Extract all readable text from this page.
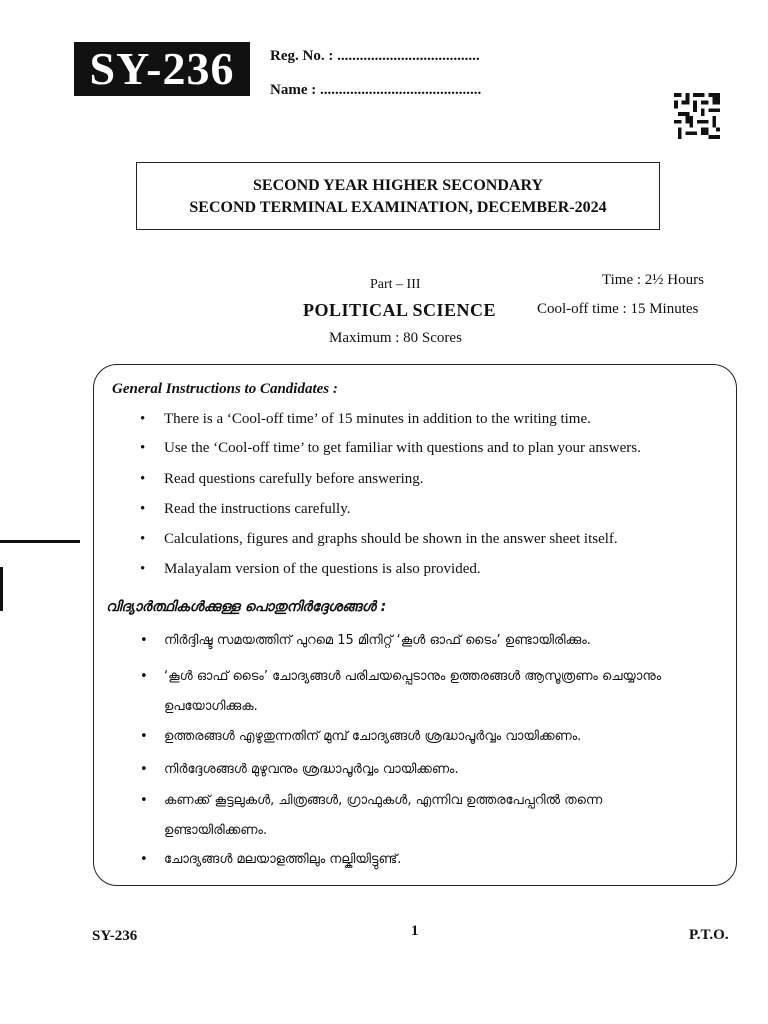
SY-236	Reg. No. : ......................................
Name : ...........................................
SECOND YEAR HIGHER SECONDARY
SECOND TERMINAL EXAMINATION, DECEMBER-2024
Part – III	Time : 2½ Hours
POLITICAL SCIENCE	Cool-off time : 15 Minutes
Maximum : 80 Scores
General Instructions to Candidates :
• There is a ‘Cool-off time’ of 15 minutes in addition to the writing time.
• Use the ‘Cool-off time’ to get familiar with questions and to plan your answers.
• Read questions carefully before answering.
• Read the instructions carefully.
• Calculations, figures and graphs should be shown in the answer sheet itself.
• Malayalam version of the questions is also provided.
വിദ്യാർത്ഥികൾക്കുള്ള പൊതുനിർദ്ദേശങ്ങൾ :
• നിർദ്ദിഷ്ട സമയത്തിന് പുറമെ 15 മിനിറ്റ് ‘കൂൾ ഓഫ് ടൈം’ ഉണ്ടായിരിക്കും.
• ‘കൂൾ ഓഫ് ടൈം’ ചോദ്യങ്ങൾ പരിചയപ്പെടാനും ഉത്തരങ്ങൾ ആസൂത്രണം ചെയ്യാനും ഉപയോഗിക്കുക.
• ഉത്തരങ്ങൾ എഴുതുന്നതിന് മുമ്പ് ചോദ്യങ്ങൾ ശ്രദ്ധാപൂർവ്വം വായിക്കണം.
• നിർദ്ദേശങ്ങൾ മുഴുവനും ശ്രദ്ധാപൂർവ്വം വായിക്കണം.
• കണക്ക് കൂട്ടലുകൾ, ചിത്രങ്ങൾ, ഗ്രാഫുകൾ, എന്നിവ ഉത്തരപേപ്പറിൽ തന്നെ ഉണ്ടായിരിക്കണം.
• ചോദ്യങ്ങൾ മലയാളത്തിലും നല്കിയിട്ടുണ്ട്.
SY-236	1	P.T.O.
